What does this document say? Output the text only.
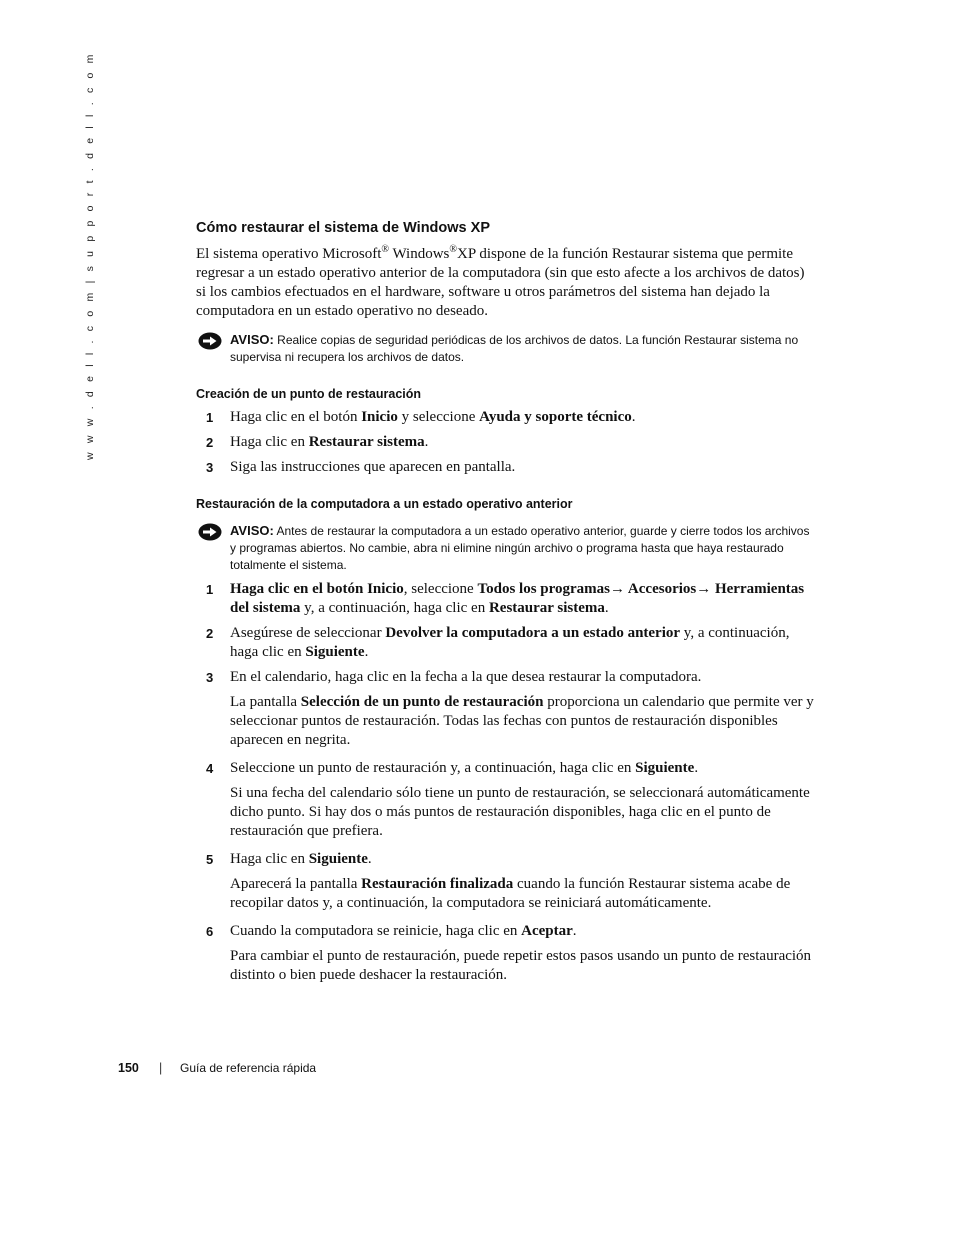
w w w . d e l l . c o m | s u p p o r t . d e l l . c o m	Cómo restaurar el sistema de Windows XP

El sistema operativo Microsoft® Windows®XP dispone de la función Restaurar sistema que permite regresar a un estado operativo anterior de la computadora (sin que esto afecte a los archivos de datos) si los cambios efectuados en el hardware, software u otros parámetros del sistema han dejado la computadora en un estado operativo no deseado.

AVISO: Realice copias de seguridad periódicas de los archivos de datos. La función Restaurar sistema no supervisa ni recupera los archivos de datos.
Creación de un punto de restauración
1 Haga clic en el botón Inicio y seleccione Ayuda y soporte técnico.
2 Haga clic en Restaurar sistema.
3 Siga las instrucciones que aparecen en pantalla.
Restauración de la computadora a un estado operativo anterior
AVISO: Antes de restaurar la computadora a un estado operativo anterior, guarde y cierre todos los archivos y programas abiertos. No cambie, abra ni elimine ningún archivo o programa hasta que haya restaurado totalmente el sistema.
1 Haga clic en el botón Inicio, seleccione Todos los programas→ Accesorios→ Herramientas del sistema y, a continuación, haga clic en Restaurar sistema.
2 Asegúrese de seleccionar Devolver la computadora a un estado anterior y, a continuación, haga clic en Siguiente.
3 En el calendario, haga clic en la fecha a la que desea restaurar la computadora.

La pantalla Selección de un punto de restauración proporciona un calendario que permite ver y seleccionar puntos de restauración. Todas las fechas con puntos de restauración disponibles aparecen en negrita.

4 Seleccione un punto de restauración y, a continuación, haga clic en Siguiente.

Si una fecha del calendario sólo tiene un punto de restauración, se seleccionará automáticamente dicho punto. Si hay dos o más puntos de restauración disponibles, haga clic en el punto de restauración que prefiera.

5 Haga clic en Siguiente.

Aparecerá la pantalla Restauración finalizada cuando la función Restaurar sistema acabe de recopilar datos y, a continuación, la computadora se reiniciará automáticamente.

6 Cuando la computadora se reinicie, haga clic en Aceptar.

Para cambiar el punto de restauración, puede repetir estos pasos usando un punto de restauración distinto o bien puede deshacer la restauración.

150 | Guía de referencia rápida
